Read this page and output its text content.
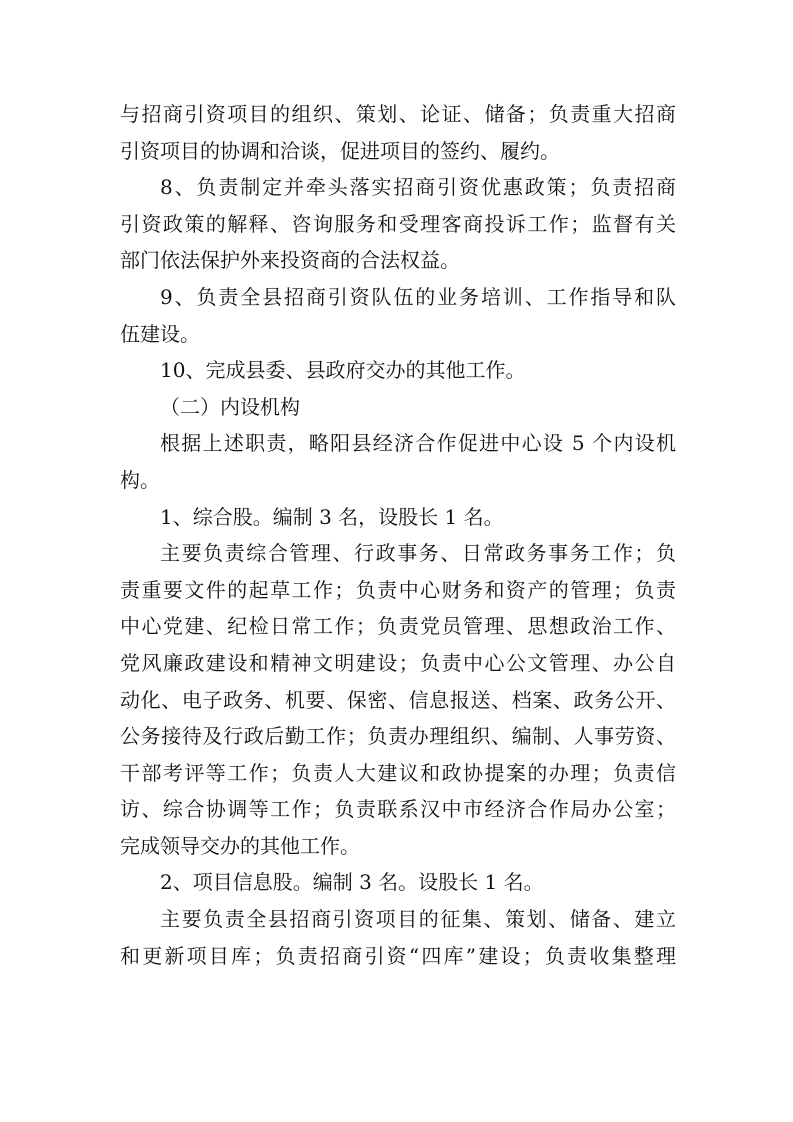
与招商引资项目的组织、策划、论证、储备；负责重大招商

引资项目的协调和洽谈，促进项目的签约、履约。

8、负责制定并牵头落实招商引资优惠政策；负责招商

引资政策的解释、咨询服务和受理客商投诉工作；监督有关

部门依法保护外来投资商的合法权益。

9、负责全县招商引资队伍的业务培训、工作指导和队

伍建设。

10、完成县委、县政府交办的其他工作。

（二）内设机构

根据上述职责，略阳县经济合作促进中心设 5 个内设机

构。

1、综合股。编制 3 名，设股长 1 名。

主要负责综合管理、行政事务、日常政务事务工作；负

责重要文件的起草工作；负责中心财务和资产的管理；负责

中心党建、纪检日常工作；负责党员管理、思想政治工作、

党风廉政建设和精神文明建设；负责中心公文管理、办公自

动化、电子政务、机要、保密、信息报送、档案、政务公开、

公务接待及行政后勤工作；负责办理组织、编制、人事劳资、

干部考评等工作；负责人大建议和政协提案的办理；负责信

访、综合协调等工作；负责联系汉中市经济合作局办公室；

完成领导交办的其他工作。

2、项目信息股。编制 3 名。设股长 1 名。

主要负责全县招商引资项目的征集、策划、储备、建立

和更新项目库；负责招商引资“四库”建设；负责收集整理
